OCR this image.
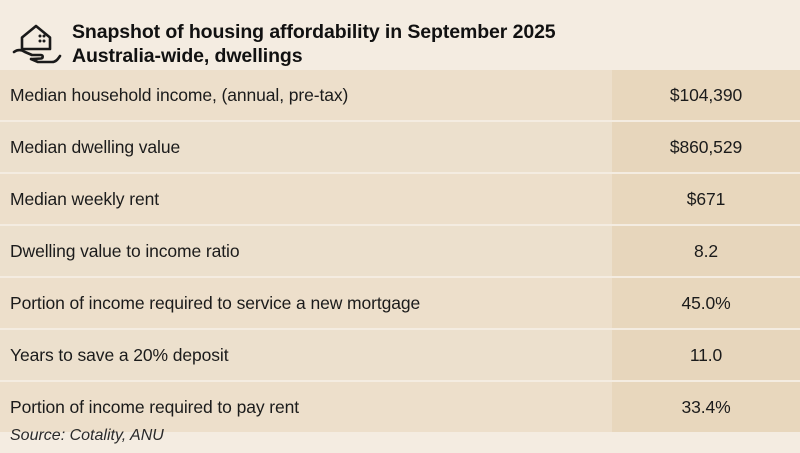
Snapshot of housing affordability in September 2025
Australia-wide, dwellings
Median household income, (annual, pre-tax)	$104,390
Median dwelling value	$860,529
Median weekly rent	$671
Dwelling value to income ratio	8.2
Portion of income required to service a new mortgage	45.0%
Years to save a 20% deposit	11.0
Portion of income required to pay rent	33.4%
Source: Cotality, ANU
